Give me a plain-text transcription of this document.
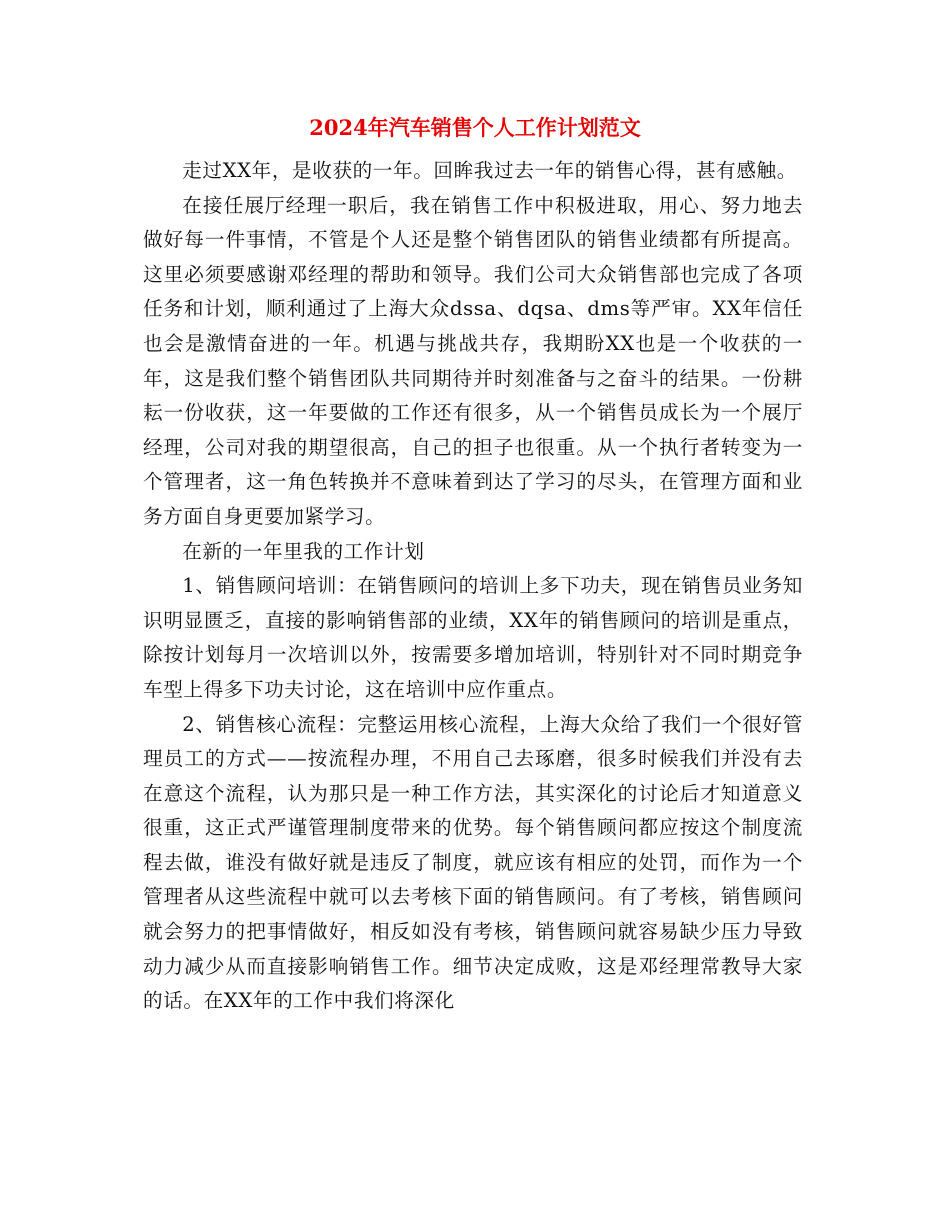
2024年汽车销售个人工作计划范文

走过XX年，是收获的一年。回眸我过去一年的销售心得，甚有感触。

在接任展厅经理一职后，我在销售工作中积极进取，用心、努力地去做好每一件事情，不管是个人还是整个销售团队的销售业绩都有所提高。这里必须要感谢邓经理的帮助和领导。我们公司大众销售部也完成了各项任务和计划，顺利通过了上海大众dssa、dqsa、dms等严审。XX年信任也会是激情奋进的一年。机遇与挑战共存，我期盼XX也是一个收获的一年，这是我们整个销售团队共同期待并时刻准备与之奋斗的结果。一份耕耘一份收获，这一年要做的工作还有很多，从一个销售员成长为一个展厅经理，公司对我的期望很高，自己的担子也很重。从一个执行者转变为一个管理者，这一角色转换并不意味着到达了学习的尽头，在管理方面和业务方面自身更要加紧学习。

在新的一年里我的工作计划

1、销售顾问培训：在销售顾问的培训上多下功夫，现在销售员业务知识明显匮乏，直接的影响销售部的业绩，XX年的销售顾问的培训是重点，除按计划每月一次培训以外，按需要多增加培训，特别针对不同时期竞争车型上得多下功夫讨论，这在培训中应作重点。

2、销售核心流程：完整运用核心流程，上海大众给了我们一个很好管理员工的方式——按流程办理，不用自己去琢磨，很多时候我们并没有去在意这个流程，认为那只是一种工作方法，其实深化的讨论后才知道意义很重，这正式严谨管理制度带来的优势。每个销售顾问都应按这个制度流程去做，谁没有做好就是违反了制度，就应该有相应的处罚，而作为一个管理者从这些流程中就可以去考核下面的销售顾问。有了考核，销售顾问就会努力的把事情做好，相反如没有考核，销售顾问就容易缺少压力导致动力减少从而直接影响销售工作。细节决定成败，这是邓经理常教导大家的话。在XX年的工作中我们将深化
